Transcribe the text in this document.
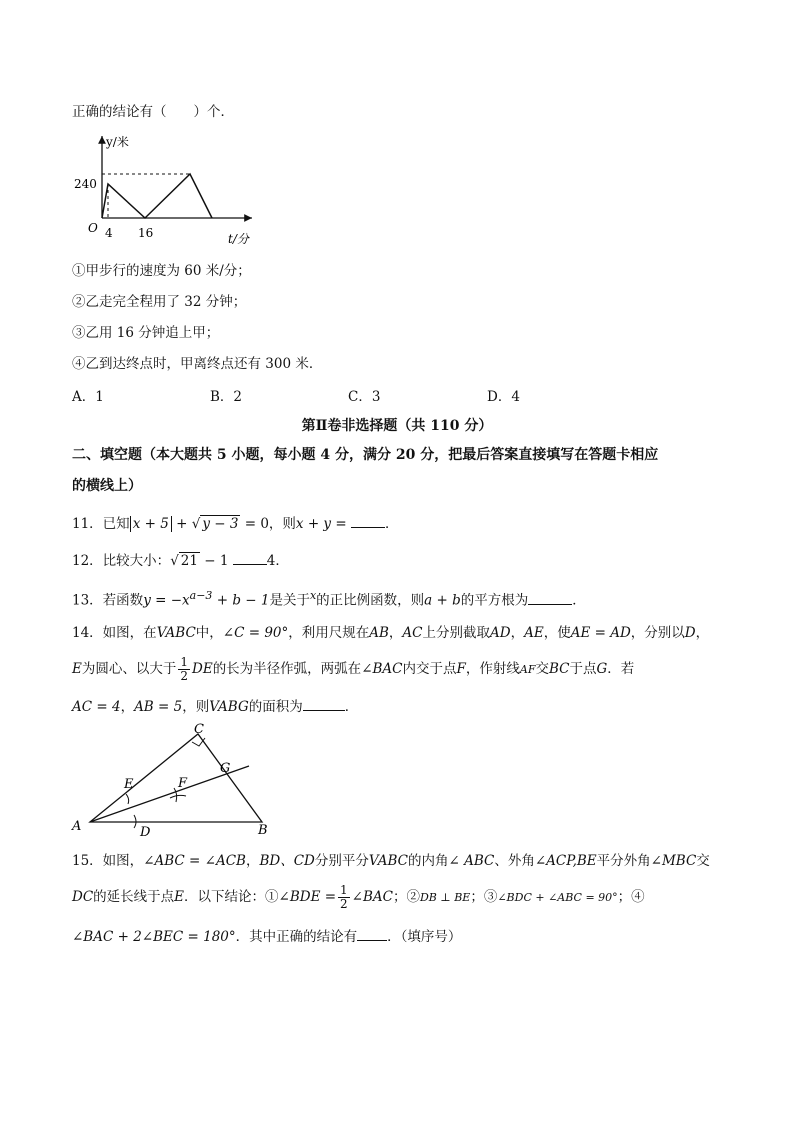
正确的结论有（　　）个．
y/米
240
O 4 16	t/分
①甲步行的速度为 60 米/分；
②乙走完全程用了 32 分钟；
③乙用 16 分钟追上甲；
④乙到达终点时，甲离终点还有 300 米．
A．1	B．2	C．3	D．4
第Ⅱ卷非选择题（共 110 分）
二、填空题（本大题共 5 小题，每小题 4 分，满分 20 分，把最后答案直接填写在答题卡相应
的横线上）
11．已知 x + 5 + √ y − 3 = 0，则x + y =	．
12．比较大小：√ 21 − 1	4．
13．若函数$y = -x^{a-3} + b - 1$是关于$^x$的正比例函数，则a + b的平方根为	．
14．如图，在VABC中，∠C = 90°，利用尺规在AB，AC上分别截取AD，AE，使AE = AD，分别以D，
E为圆心、以大于 $\frac{1}{2}$ DE的长为半径作弧，两弧在∠BAC内交于点F，作射线AF交BC于点G．若
AC = 4，AB = 5，则VABG的面积为	．
A	B
C
D
E	F
G
15．如图，∠ABC = ∠ACB，BD、CD分别平分VABC的内角∠ ABC、外角∠ACP,BE平分外角∠MBC交
DC的延长线于点E．以下结论：①∠BDE = $\frac{1}{2}$ ∠BAC；②DB ⊥ BE；③∠BDC + ∠ABC = 90°；④
∠BAC + 2∠BEC = 180°．其中正确的结论有 ．（填序号）
